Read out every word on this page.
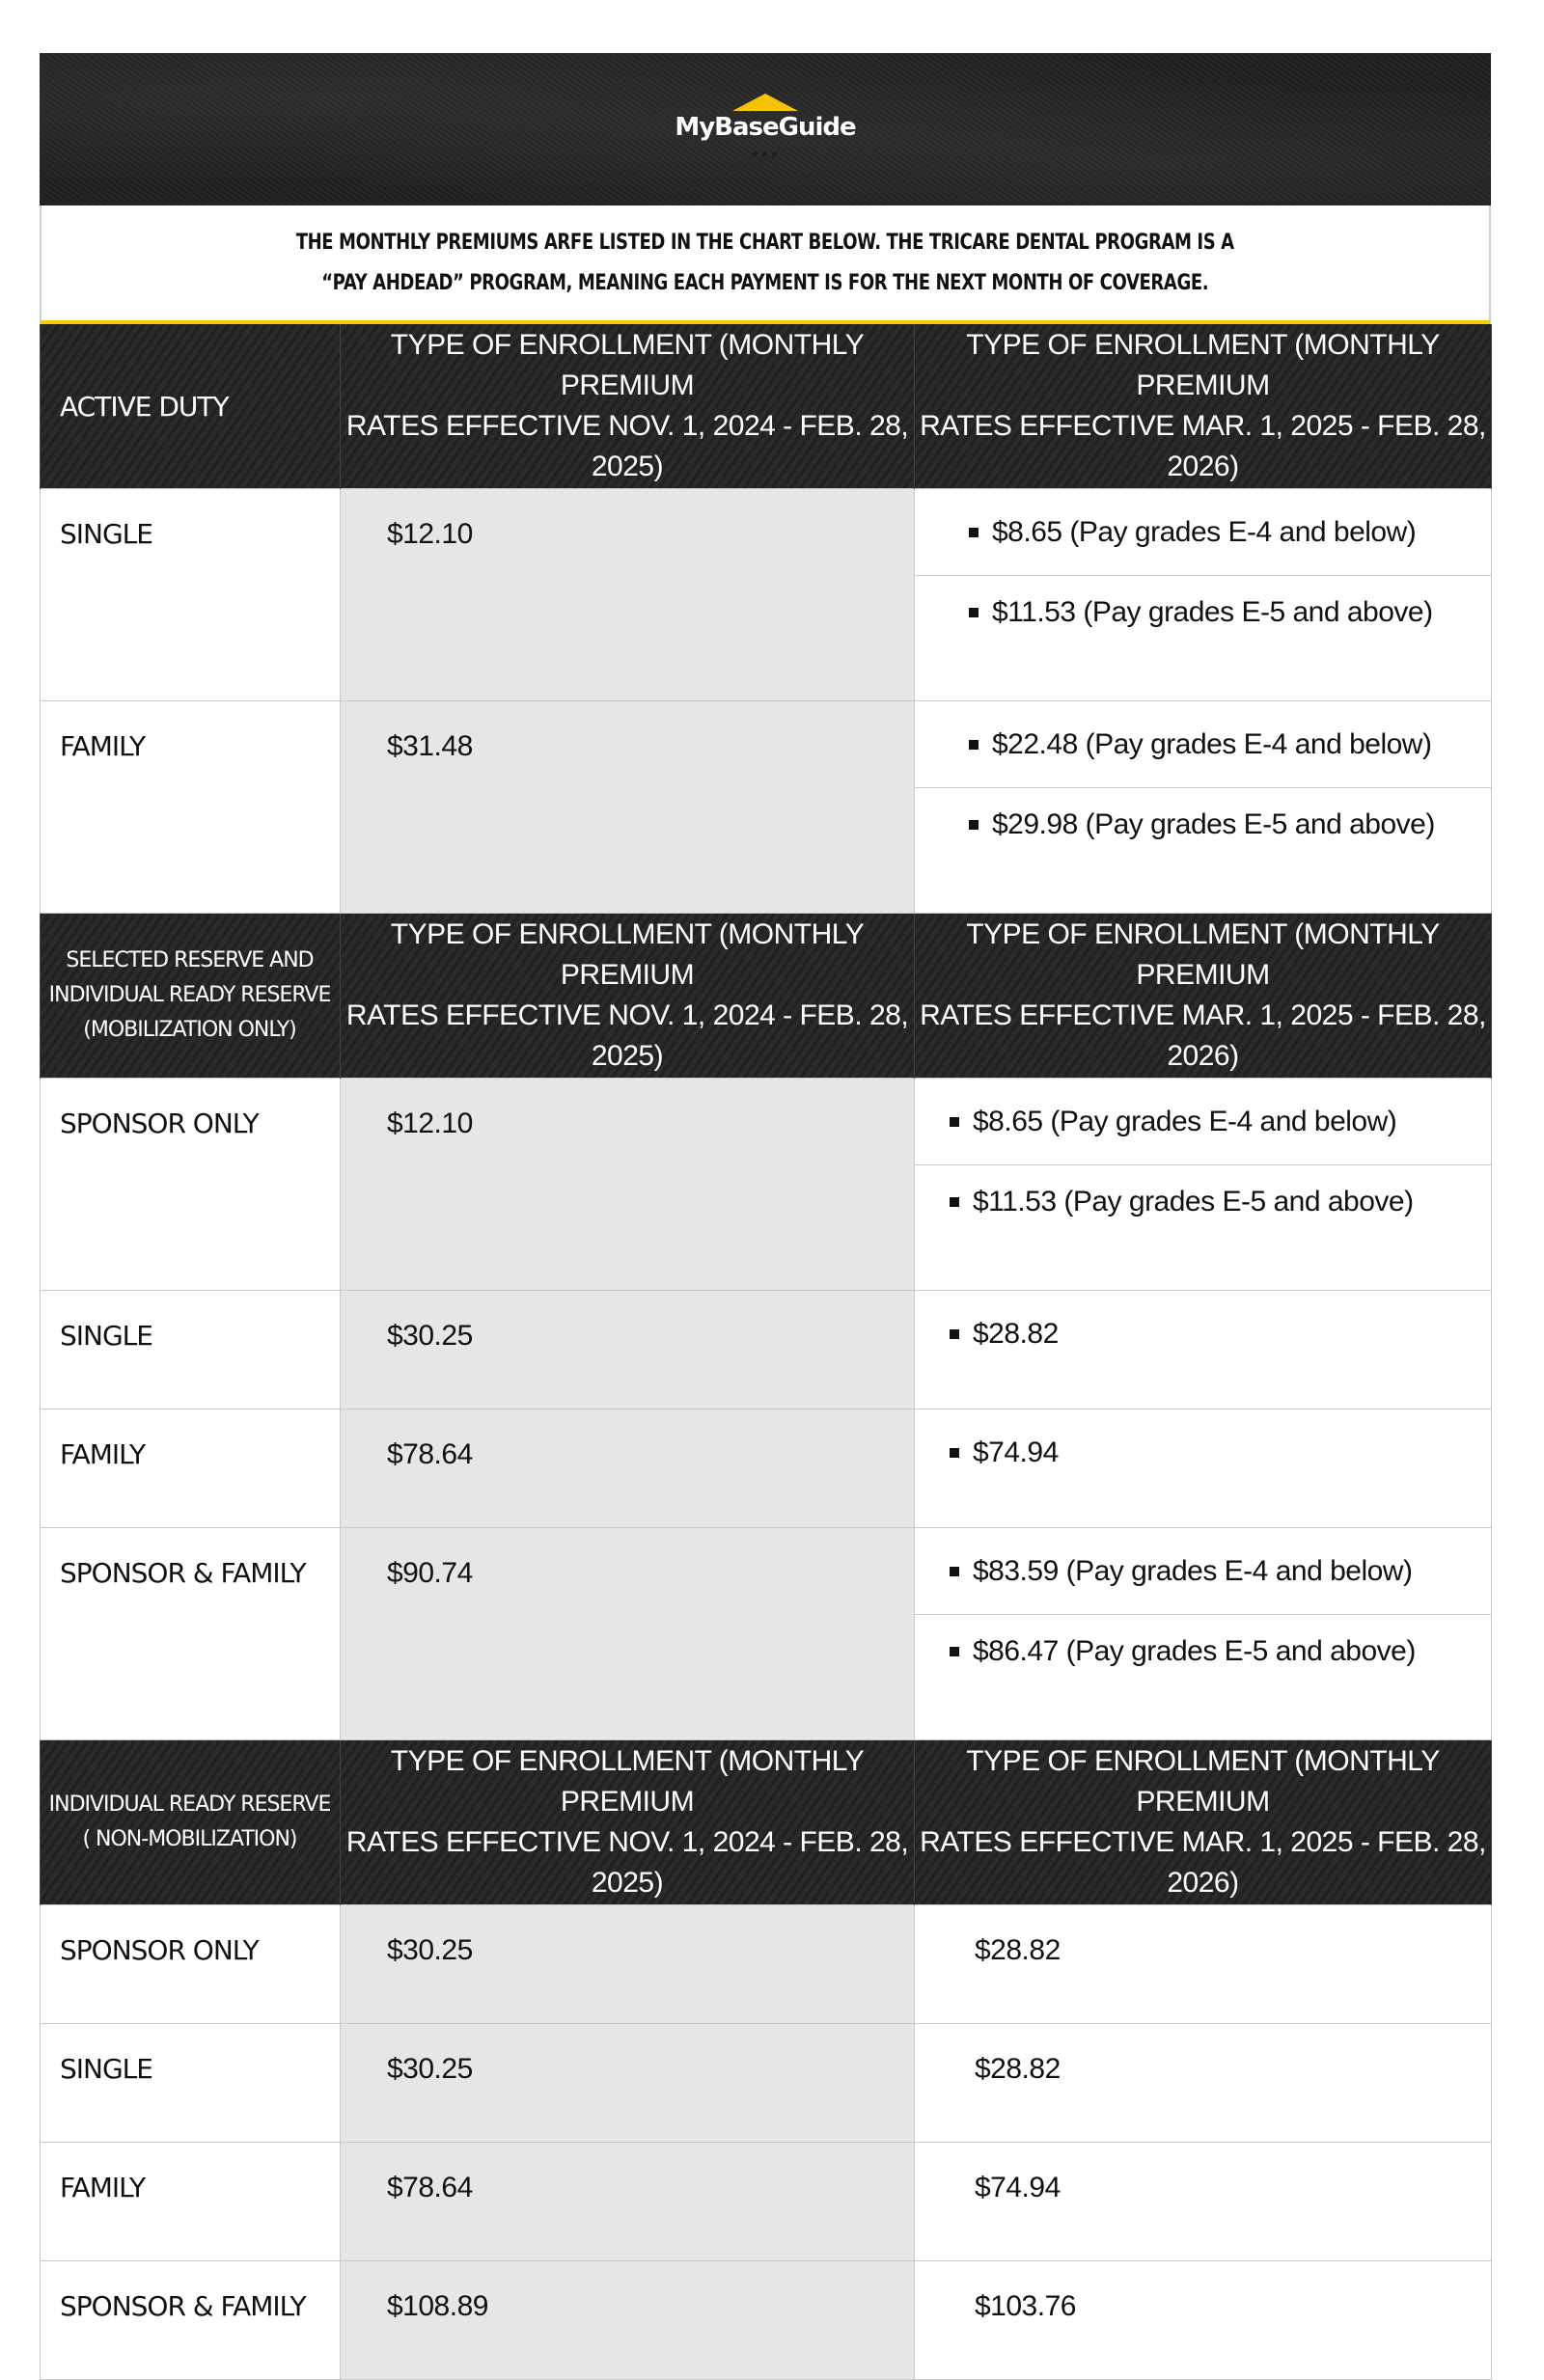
★★★
MyBaseGuide

THE MONTHLY PREMIUMS ARFE LISTED IN THE CHART BELOW. THE TRICARE DENTAL PROGRAM IS A
“PAY AHDEAD” PROGRAM, MEANING EACH PAYMENT IS FOR THE NEXT MONTH OF COVERAGE.

ACTIVE DUTY	TYPE OF ENROLLMENT (MONTHLY PREMIUM
RATES EFFECTIVE NOV. 1, 2024 - FEB. 28, 2025)	TYPE OF ENROLLMENT (MONTHLY PREMIUM
RATES EFFECTIVE MAR. 1, 2025 - FEB. 28, 2026)
SINGLE	$12.10	$8.65 (Pay grades E-4 and below)
$11.53 (Pay grades E-5 and above)

FAMILY	$31.48	$22.48 (Pay grades E-4 and below)
$29.98 (Pay grades E-5 and above)

SELECTED RESERVE AND
INDIVIDUAL READY RESERVE
(MOBILIZATION ONLY)	TYPE OF ENROLLMENT (MONTHLY PREMIUM
RATES EFFECTIVE NOV. 1, 2024 - FEB. 28, 2025)	TYPE OF ENROLLMENT (MONTHLY PREMIUM
RATES EFFECTIVE MAR. 1, 2025 - FEB. 28, 2026)
SPONSOR ONLY	$12.10	$8.65 (Pay grades E-4 and below)
$11.53 (Pay grades E-5 and above)

SINGLE	$30.25	$28.82

FAMILY	$78.64	$74.94

SPONSOR & FAMILY	$90.74	$83.59 (Pay grades E-4 and below)
$86.47 (Pay grades E-5 and above)

INDIVIDUAL READY RESERVE
( NON-MOBILIZATION)	TYPE OF ENROLLMENT (MONTHLY PREMIUM
RATES EFFECTIVE NOV. 1, 2024 - FEB. 28, 2025)	TYPE OF ENROLLMENT (MONTHLY PREMIUM
RATES EFFECTIVE MAR. 1, 2025 - FEB. 28, 2026)
SPONSOR ONLY	$30.25	$28.82
SINGLE	$30.25	$28.82
FAMILY	$78.64	$74.94
SPONSOR & FAMILY	$108.89	$103.76
